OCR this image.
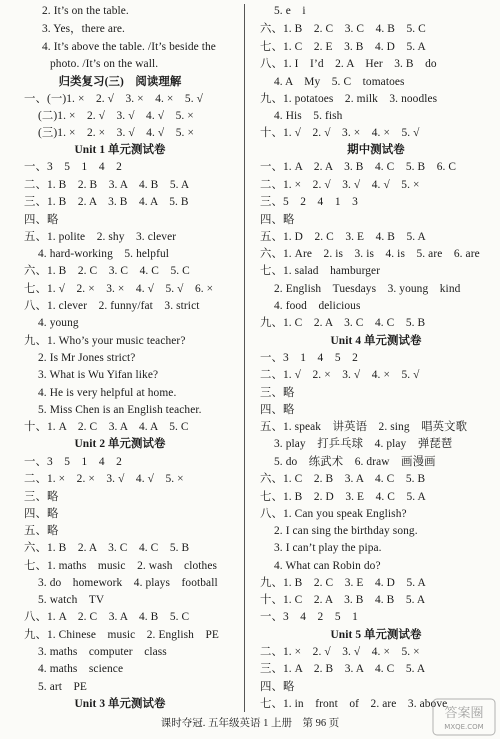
2. It’s on the table.
3. Yes，there are.
4. It’s above the table. /It’s beside the
photo. /It’s on the wall.
归类复习(三)　阅读理解
一、(一)1. ×　2. √　3. ×　4. ×　5. √
(二)1. ×　2. √　3. √　4. √　5. ×
(三)1. ×　2. ×　3. √　4. √　5. ×
Unit 1 单元测试卷
一、3　5　1　4　2
二、1. B　2. B　3. A　4. B　5. A
三、1. B　2. A　3. B　4. A　5. B
四、略
五、1. polite　2. shy　3. clever
4. hard-working　5. helpful
六、1. B　2. C　3. C　4. C　5. C
七、1. √　2. ×　3. ×　4. √　5. √　6. ×
八、1. clever　2. funny/fat　3. strict
4. young
九、1. Who’s your music teacher?
2. Is Mr Jones strict?
3. What is Wu Yifan like?
4. He is very helpful at home.
5. Miss Chen is an English teacher.
十、1. A　2. C　3. A　4. A　5. C
Unit 2 单元测试卷
一、3　5　1　4　2
二、1. ×　2. ×　3. √　4. √　5. ×
三、略
四、略
五、略
六、1. B　2. A　3. C　4. C　5. B
七、1. maths　music　2. wash　clothes
3. do　homework　4. plays　football
5. watch　TV
八、1. A　2. C　3. A　4. B　5. C
九、1. Chinese　music　2. English　PE
3. maths　computer　class
4. maths　science
5. art　PE
Unit 3 单元测试卷
5. e　i
六、1. B　2. C　3. C　4. B　5. C
七、1. C　2. E　3. B　4. D　5. A
八、1. I　I’d　2. A　Her　3. B　do
4. A　My　5. C　tomatoes
九、1. potatoes　2. milk　3. noodles
4. His　5. fish
十、1. √　2. √　3. ×　4. ×　5. √
期中测试卷
一、1. A　2. A　3. B　4. C　5. B　6. C
二、1. ×　2. √　3. √　4. √　5. ×
三、5　2　4　1　3
四、略
五、1. D　2. C　3. E　4. B　5. A
六、1. Are　2. is　3. is　4. is　5. are　6. are
七、1. salad　hamburger
2. English　Tuesdays　3. young　kind
4. food　delicious
九、1. C　2. A　3. C　4. C　5. B
Unit 4 单元测试卷
一、3　1　4　5　2
二、1. √　2. ×　3. √　4. ×　5. √
三、略
四、略
五、1. speak　讲英语　2. sing　唱英文歌
3. play　打乒乓球　4. play　弹琵琶
5. do　练武术　6. draw　画漫画
六、1. C　2. B　3. A　4. C　5. B
七、1. B　2. D　3. E　4. C　5. A
八、1. Can you speak English?
2. I can sing the birthday song.
3. I can’t play the pipa.
4. What can Robin do?
九、1. B　2. C　3. E　4. D　5. A
十、1. C　2. A　3. B　4. B　5. A
一、3　4　2　5　1
Unit 5 单元测试卷
二、1. ×　2. √　3. √　4. ×　5. ×
三、1. A　2. B　3. A　4. C　5. A
四、略
七、1. in　front　of　2. are　3. above
课时夺冠. 五年级英语 1 上册　第 96 页
答案圈
MXQE.COM
